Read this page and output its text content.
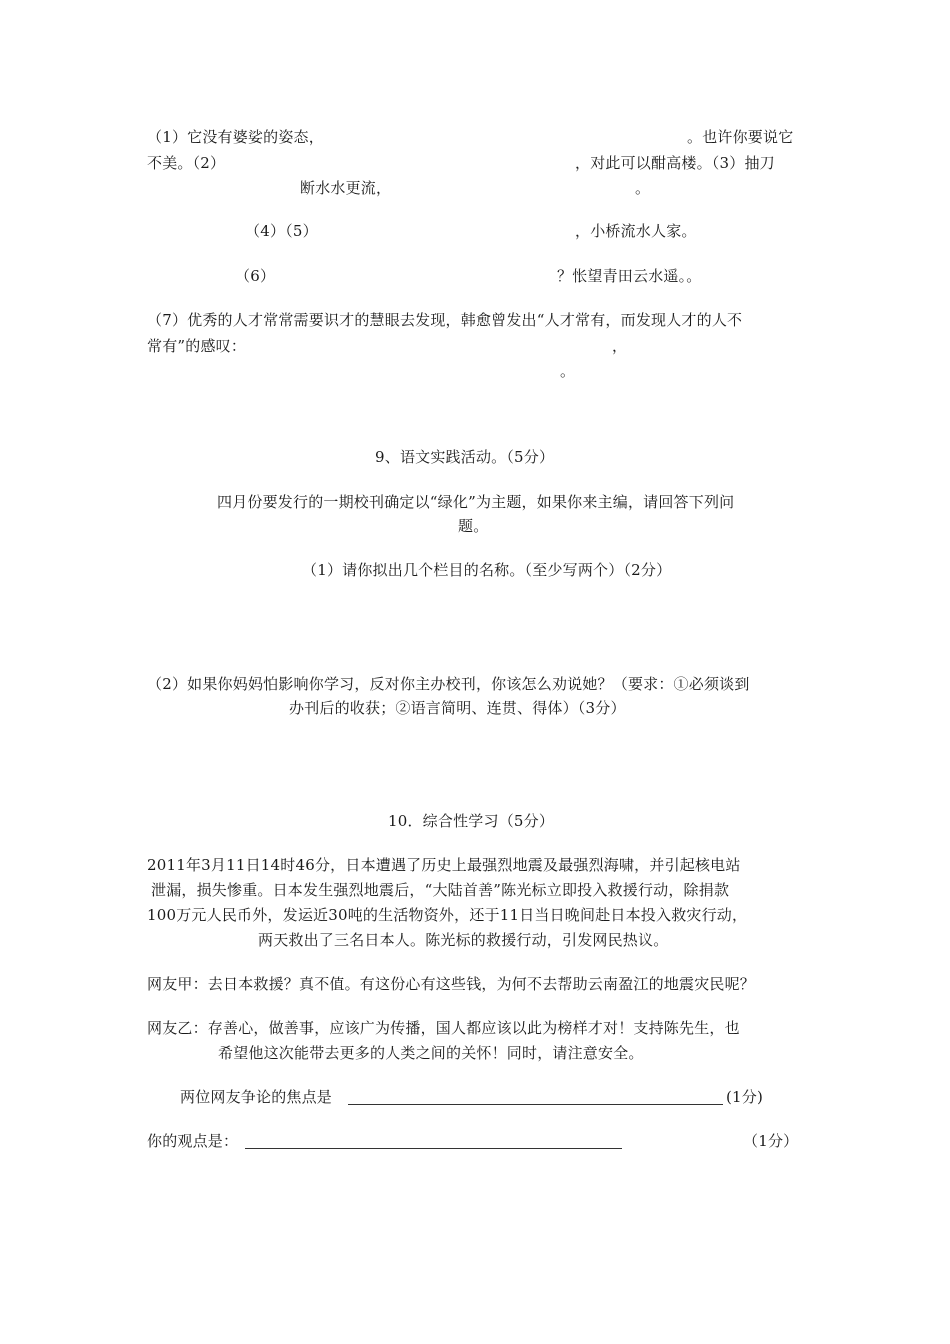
（1）它没有婆娑的姿态，	。也许你要说它
不美。（2）	，对此可以酣高楼。（3）抽刀
断水水更流，	。
（4）（5）	，小桥流水人家。
（6）	？怅望青田云水遥。。
（7）优秀的人才常常需要识才的慧眼去发现，韩愈曾发出“人才常有，而发现人才的人不
常有”的感叹：	，
。
9、语文实践活动。（5分）
四月份要发行的一期校刊确定以“绿化”为主题，如果你来主编，请回答下列问
题。
（1）请你拟出几个栏目的名称。（至少写两个）（2分）
（2）如果你妈妈怕影响你学习，反对你主办校刊，你该怎么劝说她？（要求：①必须谈到
办刊后的收获；②语言简明、连贯、得体）（3分）
10．综合性学习（5分）
2011年3月11日14时46分，日本遭遇了历史上最强烈地震及最强烈海啸，并引起核电站
泄漏，损失惨重。日本发生强烈地震后，“大陆首善”陈光标立即投入救援行动，除捐款
100万元人民币外，发运近30吨的生活物资外，还于11日当日晚间赴日本投入救灾行动，
两天救出了三名日本人。陈光标的救援行动，引发网民热议。
网友甲：去日本救援？真不值。有这份心有这些钱，为何不去帮助云南盈江的地震灾民呢？
网友乙：存善心，做善事，应该广为传播，国人都应该以此为榜样才对！支持陈先生，也
希望他这次能带去更多的人类之间的关怀！同时，请注意安全。
两位网友争论的焦点是	(1分)
你的观点是：	（1分）
